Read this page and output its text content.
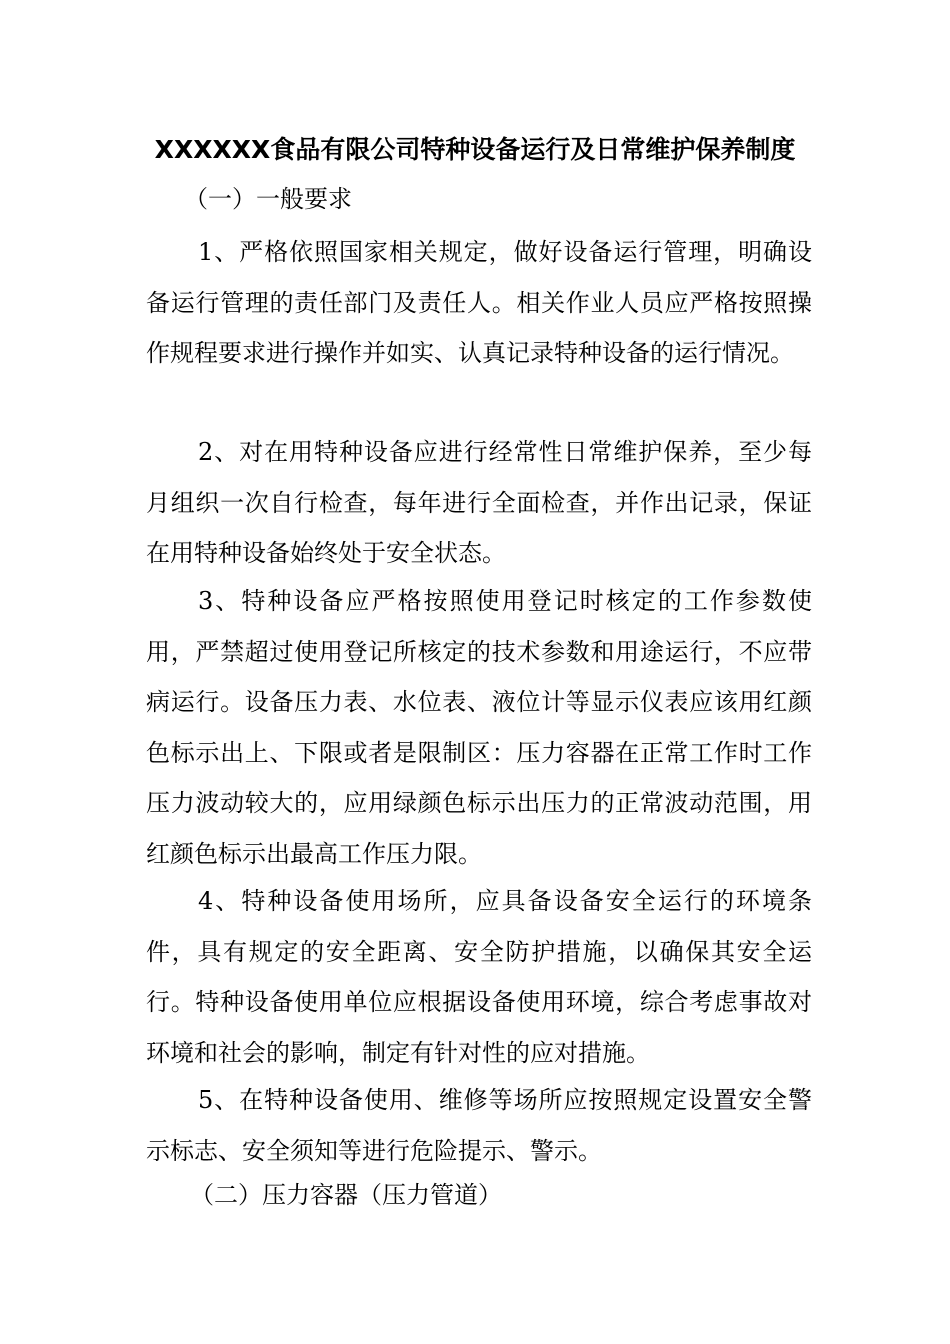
XXXXXX食品有限公司特种设备运行及日常维护保养制度
（一）一般要求
1、严格依照国家相关规定，做好设备运行管理，明确设备运行管理的责任部门及责任人。相关作业人员应严格按照操作规程要求进行操作并如实、认真记录特种设备的运行情况。
2、对在用特种设备应进行经常性日常维护保养，至少每月组织一次自行检查，每年进行全面检查，并作出记录，保证在用特种设备始终处于安全状态。
3、特种设备应严格按照使用登记时核定的工作参数使用，严禁超过使用登记所核定的技术参数和用途运行，不应带病运行。设备压力表、水位表、液位计等显示仪表应该用红颜色标示出上、下限或者是限制区：压力容器在正常工作时工作压力波动较大的，应用绿颜色标示出压力的正常波动范围，用红颜色标示出最高工作压力限。
4、特种设备使用场所，应具备设备安全运行的环境条件，具有规定的安全距离、安全防护措施，以确保其安全运行。特种设备使用单位应根据设备使用环境，综合考虑事故对环境和社会的影响，制定有针对性的应对措施。
5、在特种设备使用、维修等场所应按照规定设置安全警示标志、安全须知等进行危险提示、警示。
（二）压力容器（压力管道）
